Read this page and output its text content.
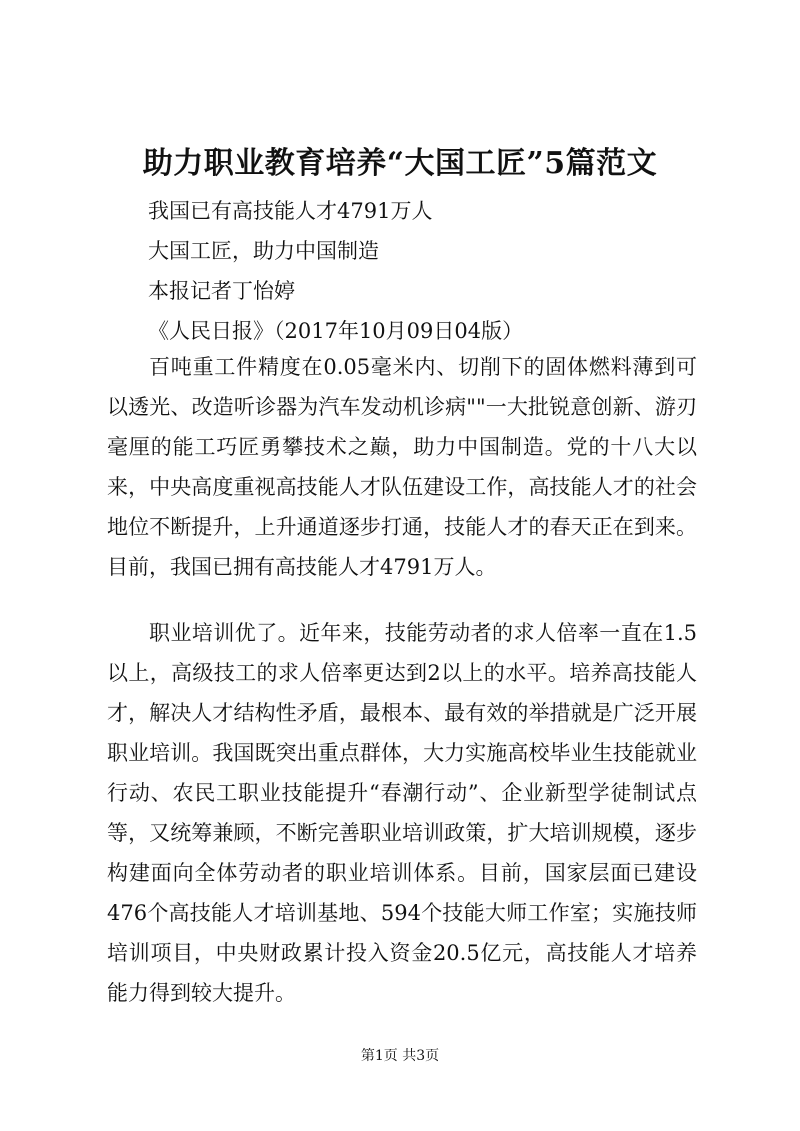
助力职业教育培养“大国工匠”5篇范文

我国已有高技能人才4791万人

大国工匠，助力中国制造

本报记者丁怡婷

《人民日报》（2017年10月09日04版）

百吨重工件精度在0.05毫米内、切削下的固体燃料薄到可以透光、改造听诊器为汽车发动机诊病""一大批锐意创新、游刃毫厘的能工巧匠勇攀技术之巅，助力中国制造。党的十八大以来，中央高度重视高技能人才队伍建设工作，高技能人才的社会地位不断提升，上升通道逐步打通，技能人才的春天正在到来。目前，我国已拥有高技能人才4791万人。

职业培训优了。近年来，技能劳动者的求人倍率一直在1.5以上，高级技工的求人倍率更达到2以上的水平。培养高技能人才，解决人才结构性矛盾，最根本、最有效的举措就是广泛开展职业培训。我国既突出重点群体，大力实施高校毕业生技能就业行动、农民工职业技能提升“春潮行动”、企业新型学徒制试点等，又统筹兼顾，不断完善职业培训政策，扩大培训规模，逐步构建面向全体劳动者的职业培训体系。目前，国家层面已建设476个高技能人才培训基地、594个技能大师工作室；实施技师培训项目，中央财政累计投入资金20.5亿元，高技能人才培养能力得到较大提升。

第1页 共3页
